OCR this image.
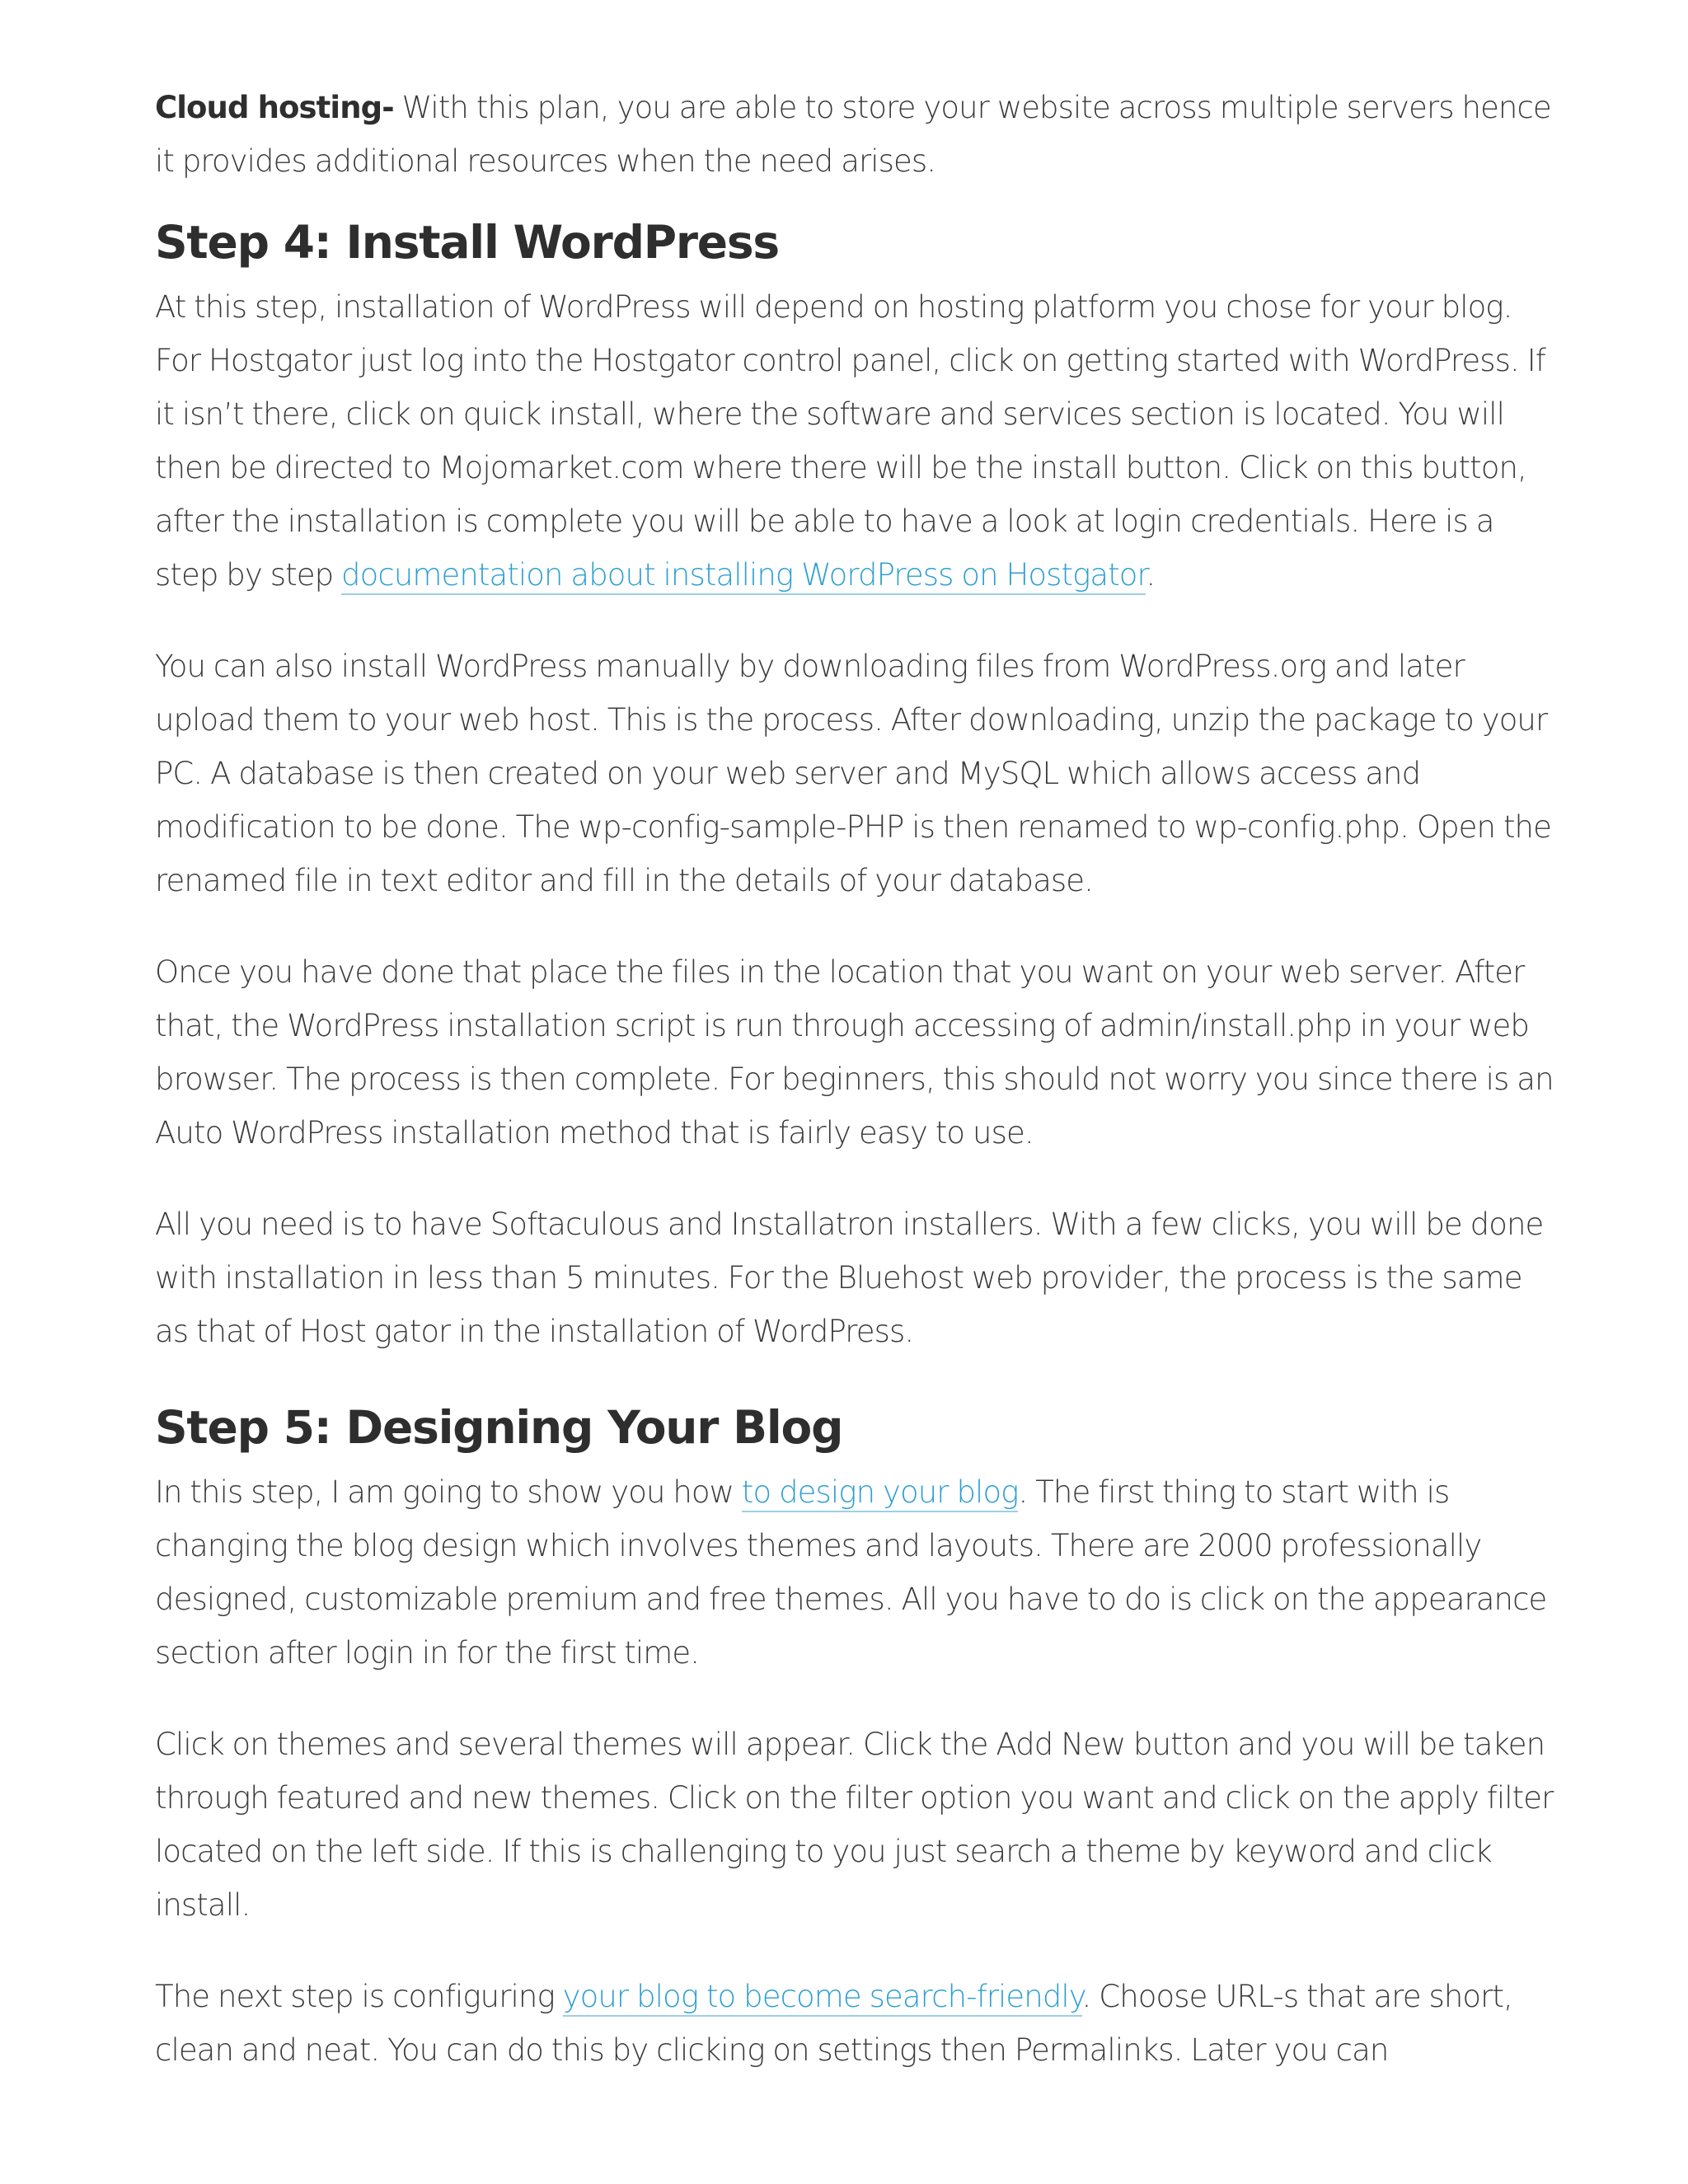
Cloud hosting- With this plan, you are able to store your website across multiple servers hence it provides additional resources when the need arises.

Step 4: Install WordPress

At this step, installation of WordPress will depend on hosting platform you chose for your blog. For Hostgator just log into the Hostgator control panel, click on getting started with WordPress. If it isn’t there, click on quick install, where the software and services section is located. You will then be directed to Mojomarket.com where there will be the install button. Click on this button, after the installation is complete you will be able to have a look at login credentials. Here is a step by step documentation about installing WordPress on Hostgator.

You can also install WordPress manually by downloading files from WordPress.org and later upload them to your web host. This is the process. After downloading, unzip the package to your PC. A database is then created on your web server and MySQL which allows access and modification to be done. The wp-config-sample-PHP is then renamed to wp-config.php. Open the renamed file in text editor and fill in the details of your database.

Once you have done that place the files in the location that you want on your web server. After that, the WordPress installation script is run through accessing of admin/install.php in your web browser. The process is then complete. For beginners, this should not worry you since there is an Auto WordPress installation method that is fairly easy to use.

All you need is to have Softaculous and Installatron installers. With a few clicks, you will be done with installation in less than 5 minutes. For the Bluehost web provider, the process is the same as that of Host gator in the installation of WordPress.

Step 5: Designing Your Blog

In this step, I am going to show you how to design your blog. The first thing to start with is changing the blog design which involves themes and layouts. There are 2000 professionally designed, customizable premium and free themes. All you have to do is click on the appearance section after login in for the first time.

Click on themes and several themes will appear. Click the Add New button and you will be taken through featured and new themes. Click on the filter option you want and click on the apply filter located on the left side. If this is challenging to you just search a theme by keyword and click install.

The next step is configuring your blog to become search-friendly. Choose URL-s that are short, clean and neat. You can do this by clicking on settings then Permalinks. Later you can
